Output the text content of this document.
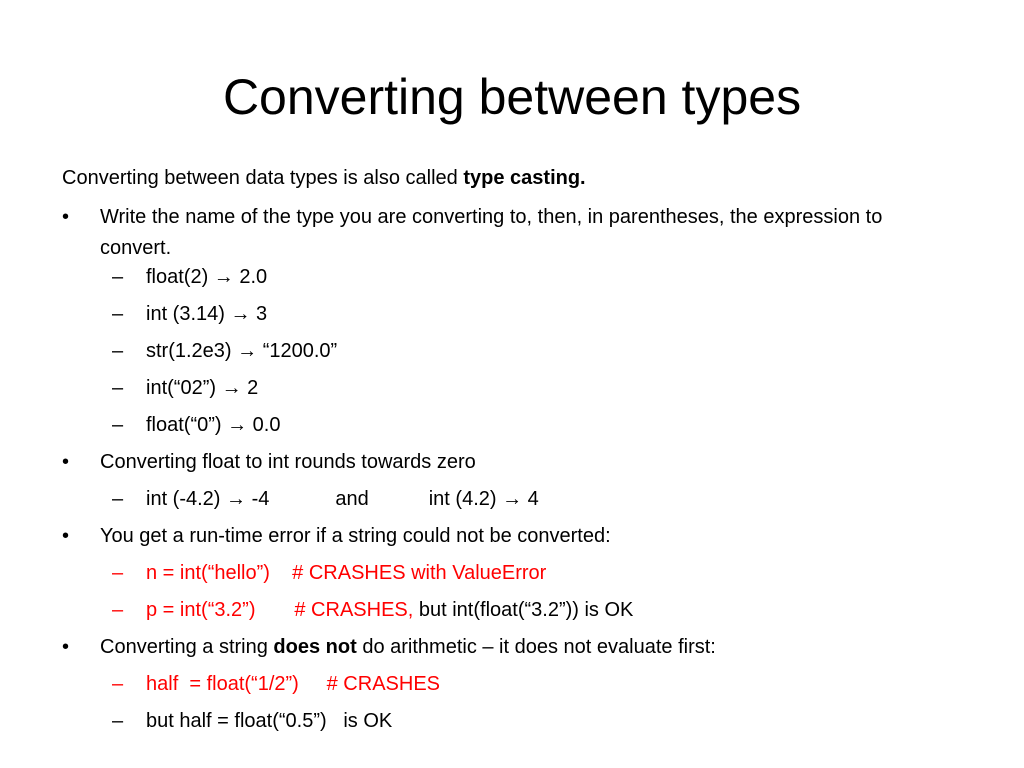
Converting between types
Converting between data types is also called type casting.
• Write the name of the type you are converting to, then, in parentheses, the expression to convert.
– float(2) → 2.0
– int (3.14) → 3
– str(1.2e3) → “1200.0”
– int(“02”) → 2
– float(“0”) → 0.0
• Converting float to int rounds towards zero
– int (-4.2) → -4	and	int (4.2) → 4
• You get a run-time error if a string could not be converted:
– n = int(“hello”)    # CRASHES with ValueError
– p = int(“3.2”)       # CRASHES, but int(float(“3.2”)) is OK
• Converting a string does not do arithmetic – it does not evaluate first:
– half  = float(“1/2”)     # CRASHES
– but half = float(“0.5”)   is OK
